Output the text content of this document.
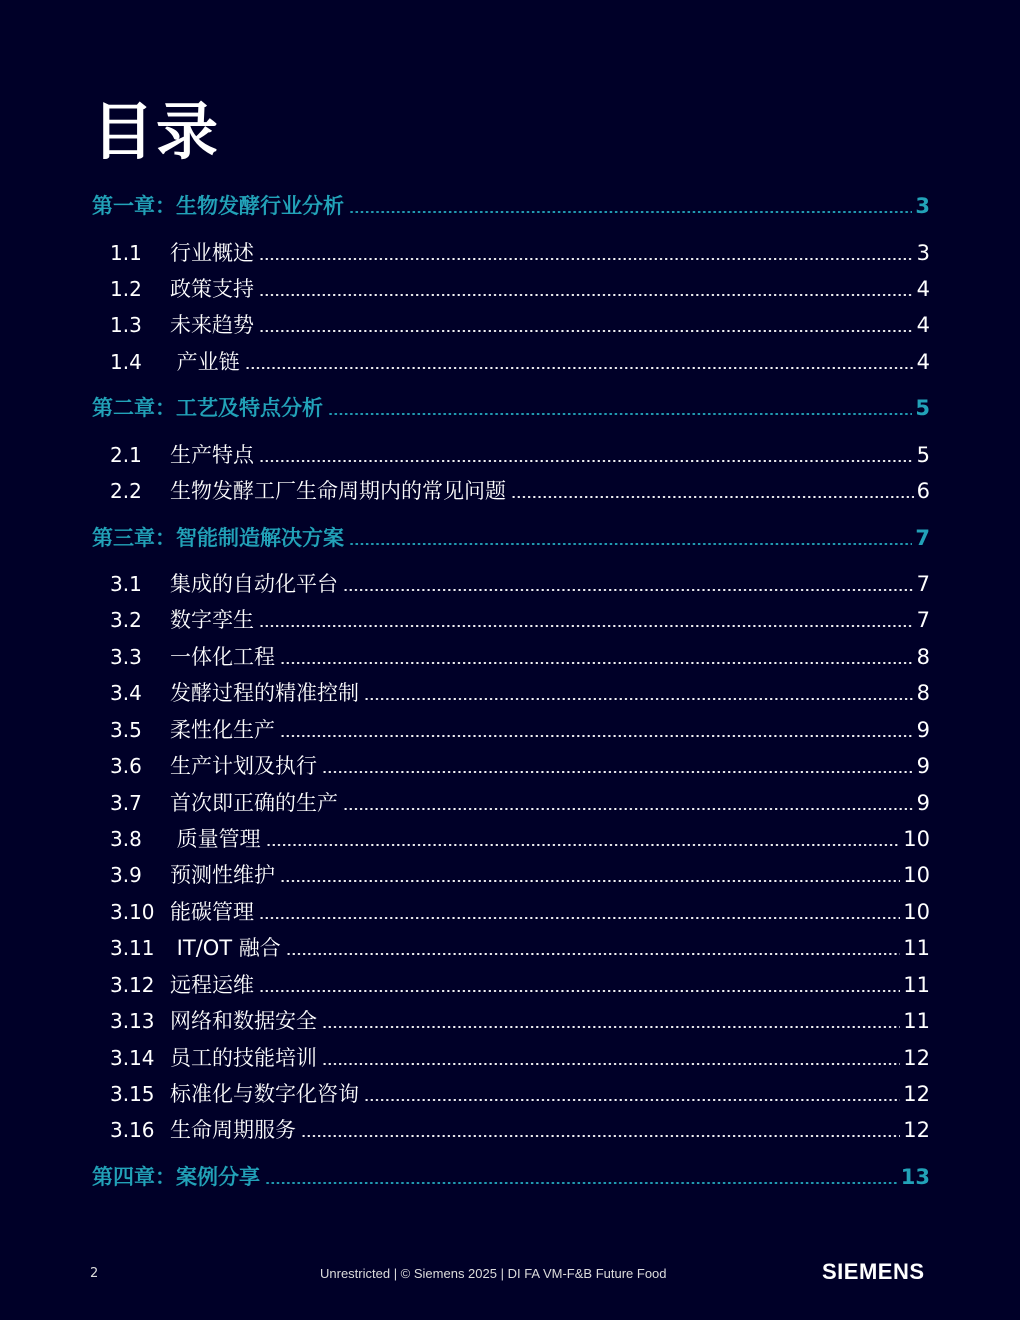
目录
第一章：生物发酵行业分析	3
1.1	行业概述	3
1.2	政策支持	4
1.3	未来趋势	4
1.4	产业链	4
第二章：工艺及特点分析	5
2.1	生产特点	5
2.2	生物发酵工厂生命周期内的常见问题	6
第三章：智能制造解决方案	7
3.1	集成的自动化平台	7
3.2	数字孪生	7
3.3	一体化工程	8
3.4	发酵过程的精准控制	8
3.5	柔性化生产	9
3.6	生产计划及执行	9
3.7	首次即正确的生产	9
3.8	质量管理	10
3.9	预测性维护	10
3.10 能碳管理	10
3.11 IT/OT 融合	11
3.12 远程运维	11
3.13 网络和数据安全	11
3.14 员工的技能培训	12
3.15 标准化与数字化咨询	12
3.16 生命周期服务	12
第四章：案例分享	13
2	Unrestricted | © Siemens 2025 | DI FA VM-F&B Future Food	SIEMENS
